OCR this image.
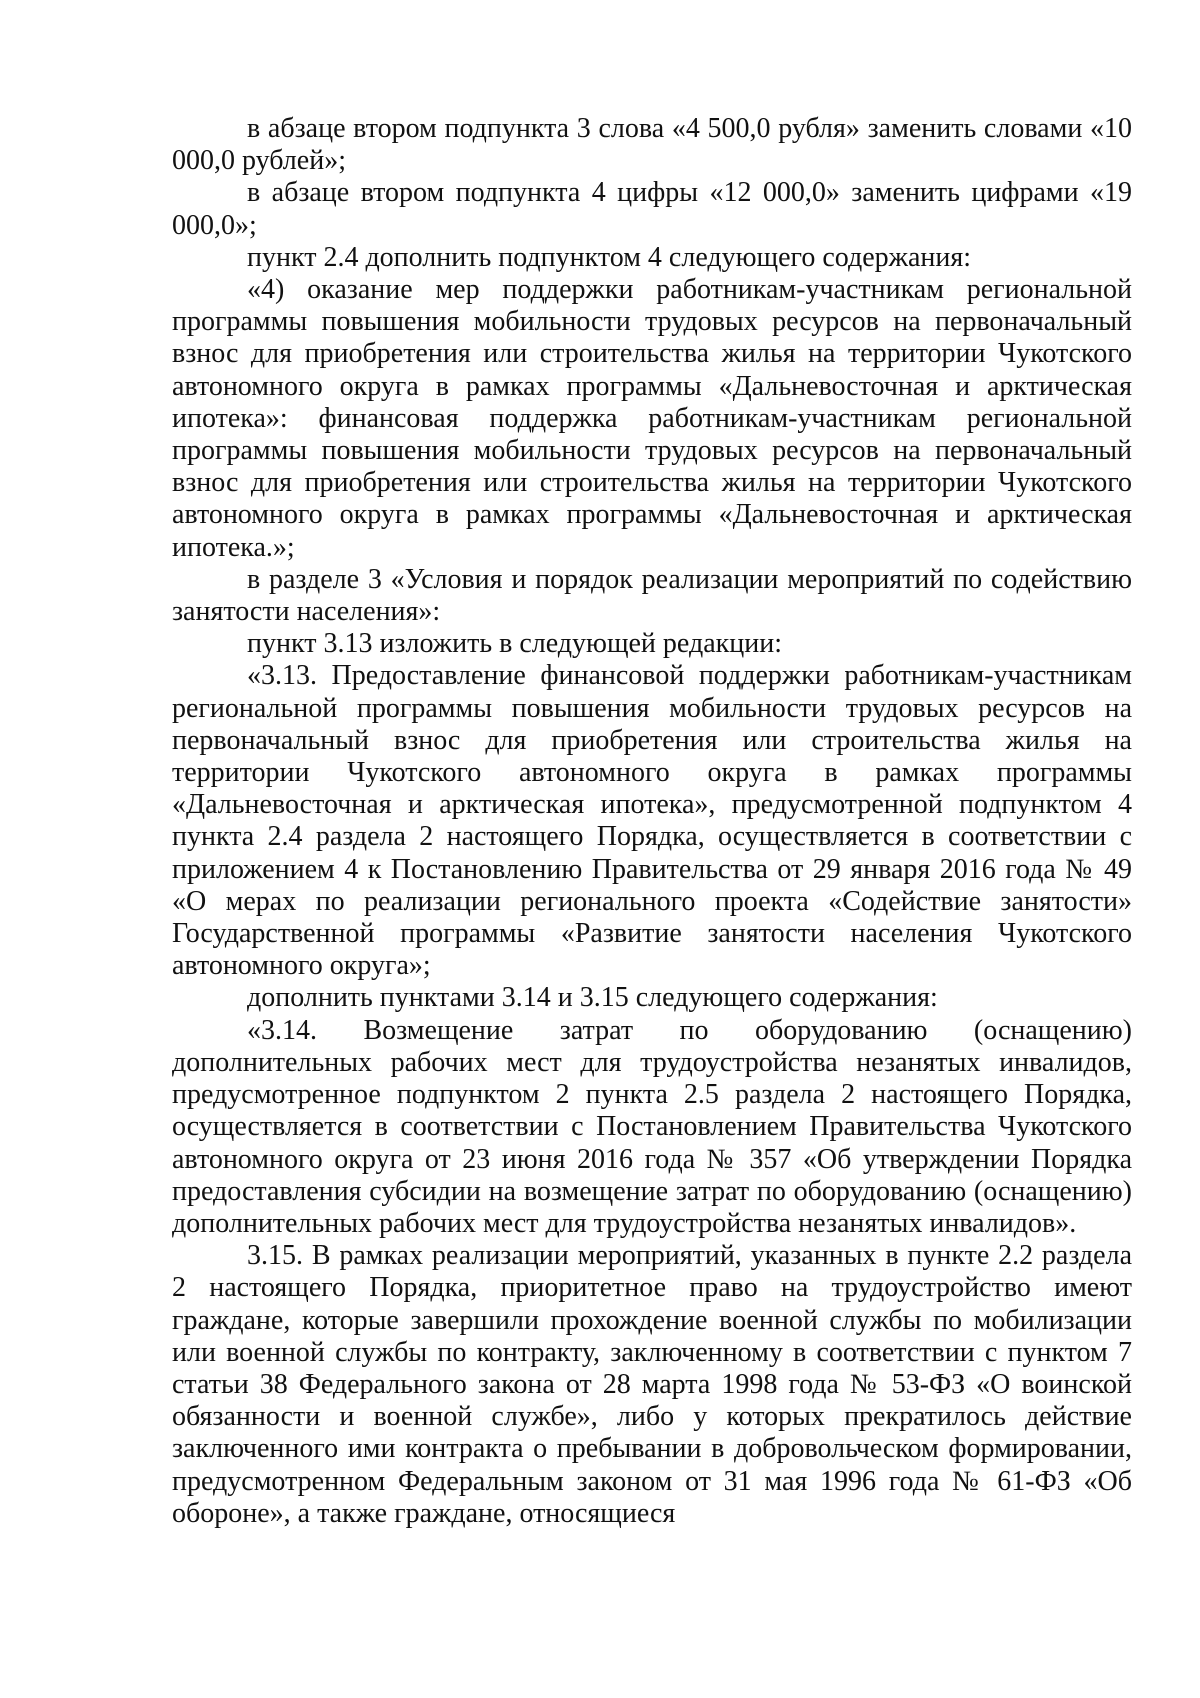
в абзаце втором подпункта 3 слова «4 500,0 рубля» заменить словами «10 000,0 рублей»;

в абзаце втором подпункта 4 цифры «12 000,0» заменить цифрами «19 000,0»;

пункт 2.4 дополнить подпунктом 4 следующего содержания:

«4) оказание мер поддержки работникам-участникам региональной программы повышения мобильности трудовых ресурсов на первоначальный взнос для приобретения или строительства жилья на территории Чукотского автономного округа в рамках программы «Дальневосточная и арктическая ипотека»: финансовая поддержка работникам-участникам региональной программы повышения мобильности трудовых ресурсов на первоначальный взнос для приобретения или строительства жилья на территории Чукотского автономного округа в рамках программы «Дальневосточная и арктическая ипотека.»;

в разделе 3 «Условия и порядок реализации мероприятий по содействию занятости населения»:

пункт 3.13 изложить в следующей редакции:

«3.13. Предоставление финансовой поддержки работникам-участникам региональной программы повышения мобильности трудовых ресурсов на первоначальный взнос для приобретения или строительства жилья на территории Чукотского автономного округа в рамках программы «Дальневосточная и арктическая ипотека», предусмотренной подпунктом 4 пункта 2.4 раздела 2 настоящего Порядка, осуществляется в соответствии с приложением 4 к Постановлению Правительства от 29 января 2016 года № 49 «О мерах по реализации регионального проекта «Содействие занятости» Государственной программы «Развитие занятости населения Чукотского автономного округа»;

дополнить пунктами 3.14 и 3.15 следующего содержания:

«3.14. Возмещение затрат по оборудованию (оснащению) дополнительных рабочих мест для трудоустройства незанятых инвалидов, предусмотренное подпунктом 2 пункта 2.5 раздела 2 настоящего Порядка, осуществляется в соответствии с Постановлением Правительства Чукотского автономного округа от 23 июня 2016 года № 357 «Об утверждении Порядка предоставления субсидии на возмещение затрат по оборудованию (оснащению) дополнительных рабочих мест для трудоустройства незанятых инвалидов».

3.15. В рамках реализации мероприятий, указанных в пункте 2.2 раздела 2 настоящего Порядка, приоритетное право на трудоустройство имеют граждане, которые завершили прохождение военной службы по мобилизации или военной службы по контракту, заключенному в соответствии с пунктом 7 статьи 38 Федерального закона от 28 марта 1998 года № 53-ФЗ «О воинской обязанности и военной службе», либо у которых прекратилось действие заключенного ими контракта о пребывании в добровольческом формировании, предусмотренном Федеральным законом от 31 мая 1996 года № 61-ФЗ «Об обороне», а также граждане, относящиеся
